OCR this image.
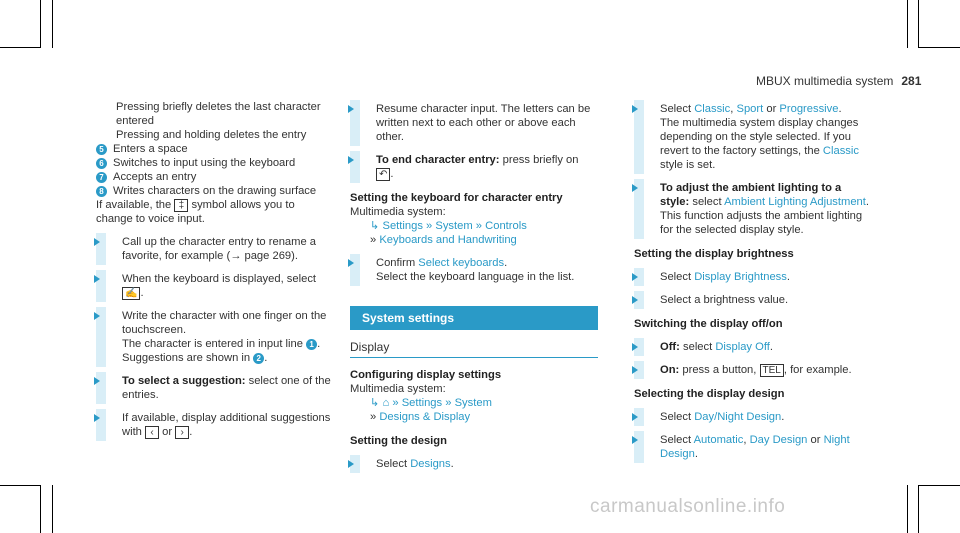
MBUX multimedia system 281

Pressing briefly deletes the last character entered

Pressing and holding deletes the entry

5 Enters a space

6 Switches to input using the keyboard

7 Accepts an entry

8 Writes characters on the drawing surface

If available, the ‡ symbol allows you to change to voice input.

Call up the character entry to rename a favorite, for example (→ page 269).
When the keyboard is displayed, select ✍ .
Write the character with one finger on the touchscreen.
The character is entered in input line 1 .
Suggestions are shown in 2 .
To select a suggestion: select one of the entries.
If available, display additional suggestions with ‹ or › .
Resume character input. The letters can be written next to each other or above each other.
To end character entry: press briefly on
↶ .

Setting the keyboard for character entry

Multimedia system:

↳ Settings » System » Controls

» Keyboards and Handwriting

Confirm Select keyboards.
Select the keyboard language in the list.
System settings
Display

Configuring display settings

Multimedia system:

↳ ⌂ » Settings » System

» Designs & Display

Setting the design

Select Designs.
Select Classic, Sport or Progressive.
The multimedia system display changes depending on the style selected. If you revert to the factory settings, the Classic style is set.
To adjust the ambient lighting to a style: select Ambient Lighting Adjustment.
This function adjusts the ambient lighting for the selected display style.

Setting the display brightness

Select Display Brightness.
Select a brightness value.

Switching the display off/on

Off: select Display Off.
On: press a button, TEL , for example.

Selecting the display design

Select Day/Night Design.
Select Automatic, Day Design or Night Design.
carmanualsonline.info
